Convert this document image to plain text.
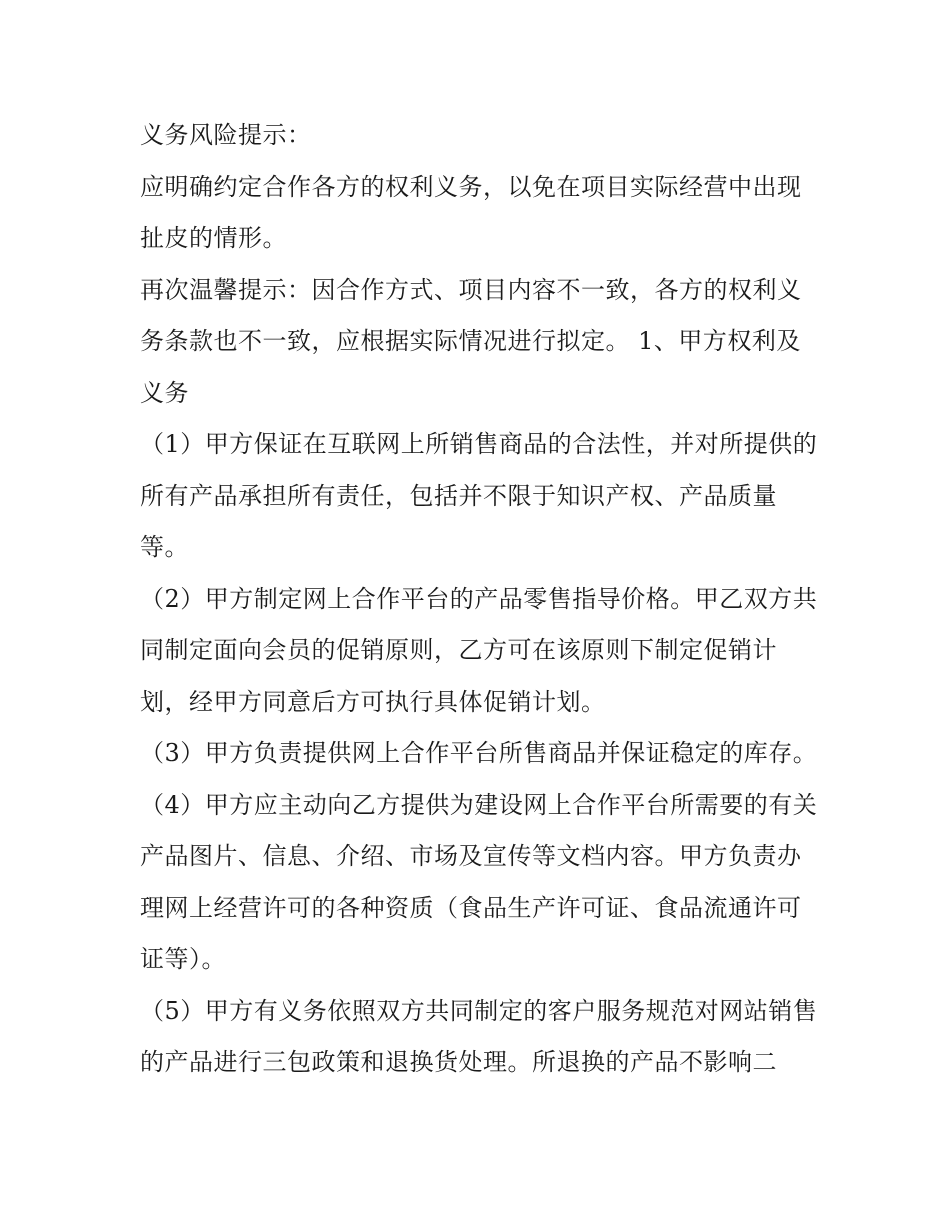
义务风险提示：

应明确约定合作各方的权利义务，以免在项目实际经营中出现扯皮的情形。

再次温馨提示：因合作方式、项目内容不一致，各方的权利义务条款也不一致，应根据实际情况进行拟定。 1、甲方权利及义务

（1）甲方保证在互联网上所销售商品的合法性，并对所提供的所有产品承担所有责任，包括并不限于知识产权、产品质量等。

（2）甲方制定网上合作平台的产品零售指导价格。甲乙双方共同制定面向会员的促销原则，乙方可在该原则下制定促销计划，经甲方同意后方可执行具体促销计划。

（3）甲方负责提供网上合作平台所售商品并保证稳定的库存。

（4）甲方应主动向乙方提供为建设网上合作平台所需要的有关产品图片、信息、介绍、市场及宣传等文档内容。甲方负责办理网上经营许可的各种资质（食品生产许可证、食品流通许可证等）。

（5）甲方有义务依照双方共同制定的客户服务规范对网站销售的产品进行三包政策和退换货处理。所退换的产品不影响二
